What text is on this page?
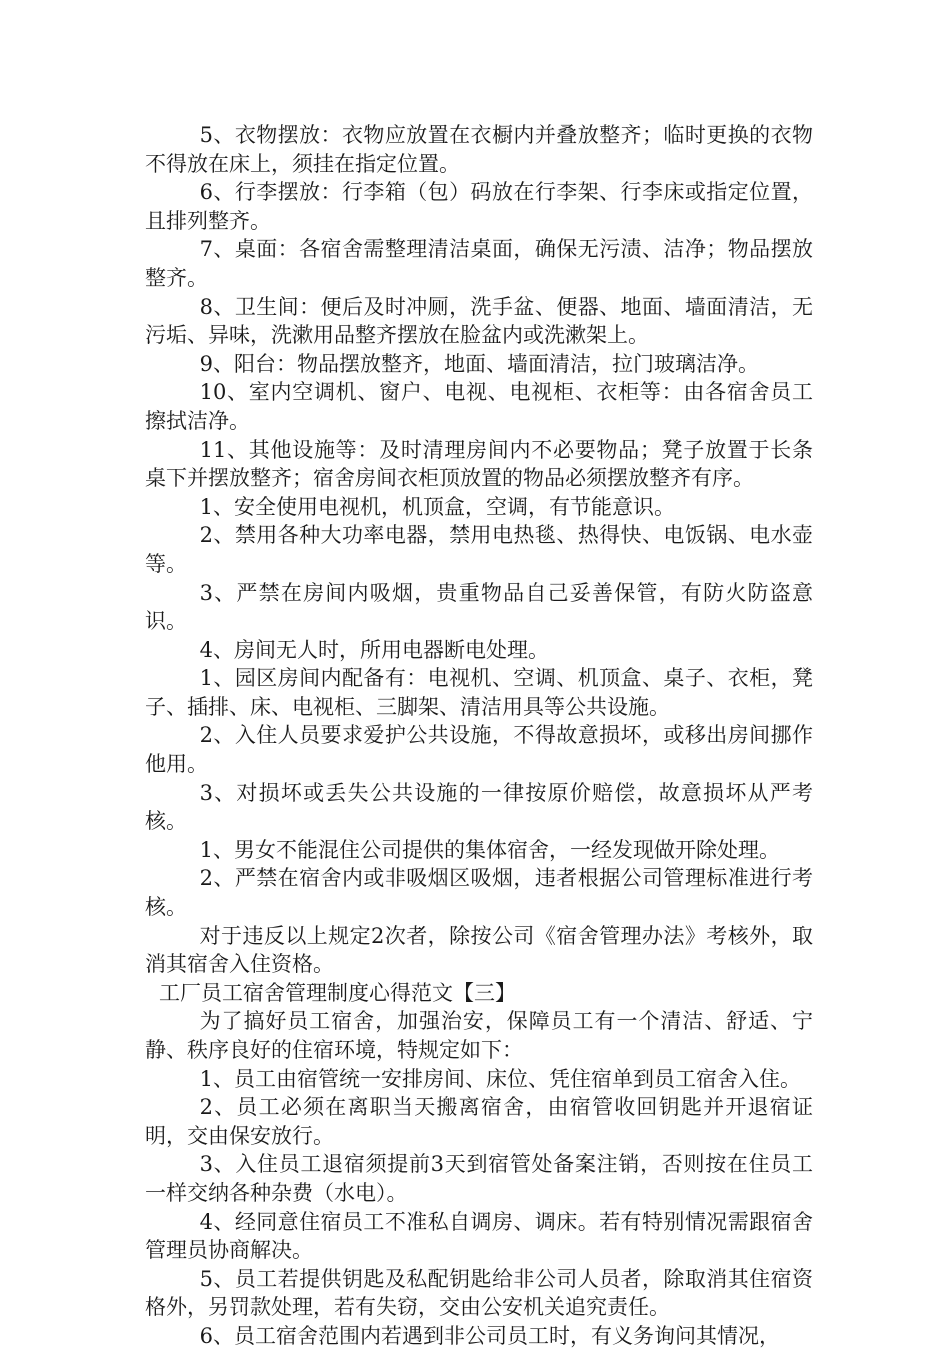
5、衣物摆放：衣物应放置在衣橱内并叠放整齐；临时更换的衣物不得放在床上，须挂在指定位置。

6、行李摆放：行李箱（包）码放在行李架、行李床或指定位置，且排列整齐。

7、桌面：各宿舍需整理清洁桌面，确保无污渍、洁净；物品摆放整齐。

8、卫生间：便后及时冲厕，洗手盆、便器、地面、墙面清洁，无污垢、异味，洗漱用品整齐摆放在脸盆内或洗漱架上。

9、阳台：物品摆放整齐，地面、墙面清洁，拉门玻璃洁净。

10、室内空调机、窗户、电视、电视柜、衣柜等：由各宿舍员工擦拭洁净。

11、其他设施等：及时清理房间内不必要物品；凳子放置于长条桌下并摆放整齐；宿舍房间衣柜顶放置的物品必须摆放整齐有序。

1、安全使用电视机，机顶盒，空调，有节能意识。

2、禁用各种大功率电器，禁用电热毯、热得快、电饭锅、电水壶等。

3、严禁在房间内吸烟，贵重物品自己妥善保管，有防火防盗意识。

4、房间无人时，所用电器断电处理。

1、园区房间内配备有：电视机、空调、机顶盒、桌子、衣柜，凳子、插排、床、电视柜、三脚架、清洁用具等公共设施。

2、入住人员要求爱护公共设施，不得故意损坏，或移出房间挪作他用。

3、对损坏或丢失公共设施的一律按原价赔偿，故意损坏从严考核。

1、男女不能混住公司提供的集体宿舍，一经发现做开除处理。

2、严禁在宿舍内或非吸烟区吸烟，违者根据公司管理标准进行考核。

对于违反以上规定2次者，除按公司《宿舍管理办法》考核外，取消其宿舍入住资格。

工厂员工宿舍管理制度心得范文【三】

为了搞好员工宿舍，加强治安，保障员工有一个清洁、舒适、宁静、秩序良好的住宿环境，特规定如下：

1、员工由宿管统一安排房间、床位、凭住宿单到员工宿舍入住。

2、员工必须在离职当天搬离宿舍，由宿管收回钥匙并开退宿证明，交由保安放行。

3、入住员工退宿须提前3天到宿管处备案注销，否则按在住员工一样交纳各种杂费（水电）。

4、经同意住宿员工不准私自调房、调床。若有特别情况需跟宿舍管理员协商解决。

5、员工若提供钥匙及私配钥匙给非公司人员者，除取消其住宿资格外，另罚款处理，若有失窃，交由公安机关追究责任。

6、员工宿舍范围内若遇到非公司员工时，有义务询问其情况，
